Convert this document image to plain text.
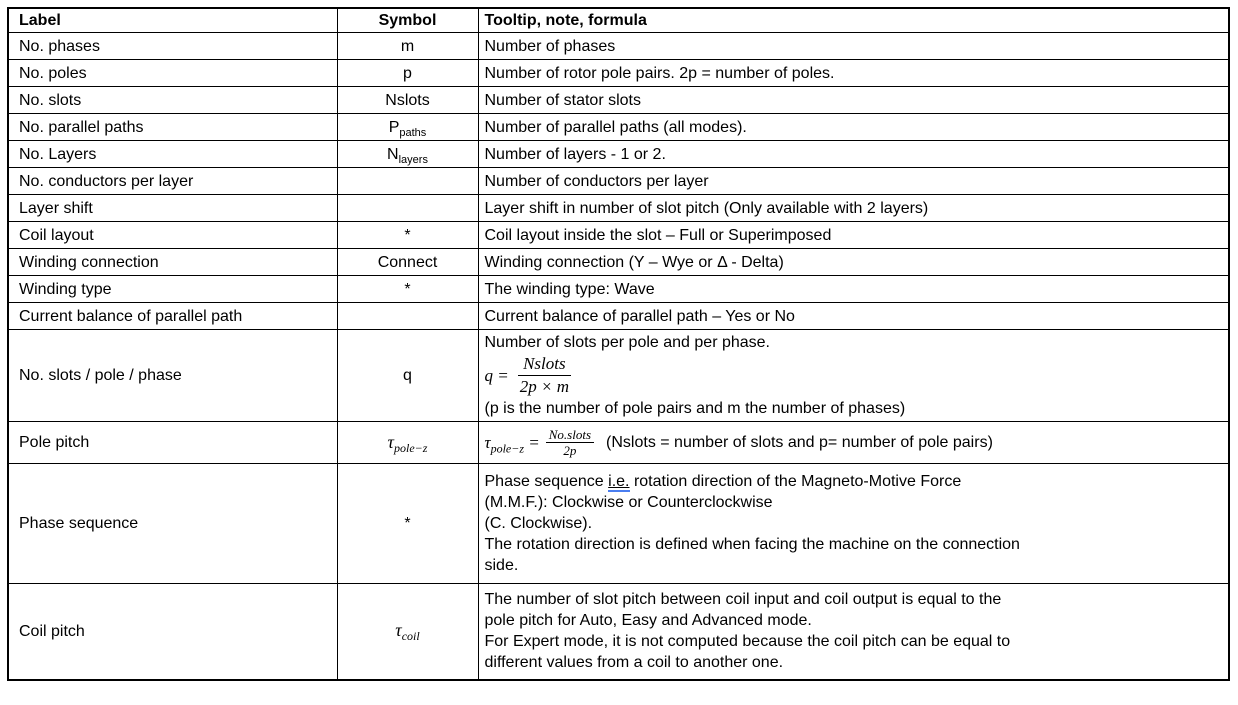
Label	Symbol	Tooltip, note, formula
No. phases	m	Number of phases
No. poles	p	Number of rotor pole pairs. 2p = number of poles.
No. slots	Nslots	Number of stator slots
No. parallel paths	$P_{paths}$	Number of parallel paths (all modes).
No. Layers	$N_{layers}$	Number of layers - 1 or 2.
No. conductors per layer		Number of conductors per layer
Layer shift		Layer shift in number of slot pitch (Only available with 2 layers)
Coil layout	*	Coil layout inside the slot – Full or Superimposed
Winding connection	Connect	Winding connection (Y – Wye or Δ - Delta)
Winding type	*	The winding type: Wave
Current balance of parallel path		Current balance of parallel path – Yes or No
No. slots / pole / phase	q	Number of slots per pole and per phase.
$q = \frac{\text{Nslots}}{2p \times m}$
(p is the number of pole pairs and m the number of phases)

Pole pitch	$\tau_{pole-z}$	$\tau_{pole-z} = \frac{\text{No.slots}}{2p}$ (Nslots = number of slots and p= number of pole pairs)

Phase sequence	*	Phase sequence i.e. rotation direction of the Magneto-Motive Force
(M.M.F.): Clockwise or Counterclockwise
(C. Clockwise).
The rotation direction is defined when facing the machine on the connection
side.

Coil pitch	$\tau_{coil}$	The number of slot pitch between coil input and coil output is equal to the
pole pitch for Auto, Easy and Advanced mode.
For Expert mode, it is not computed because the coil pitch can be equal to
different values from a coil to another one.
